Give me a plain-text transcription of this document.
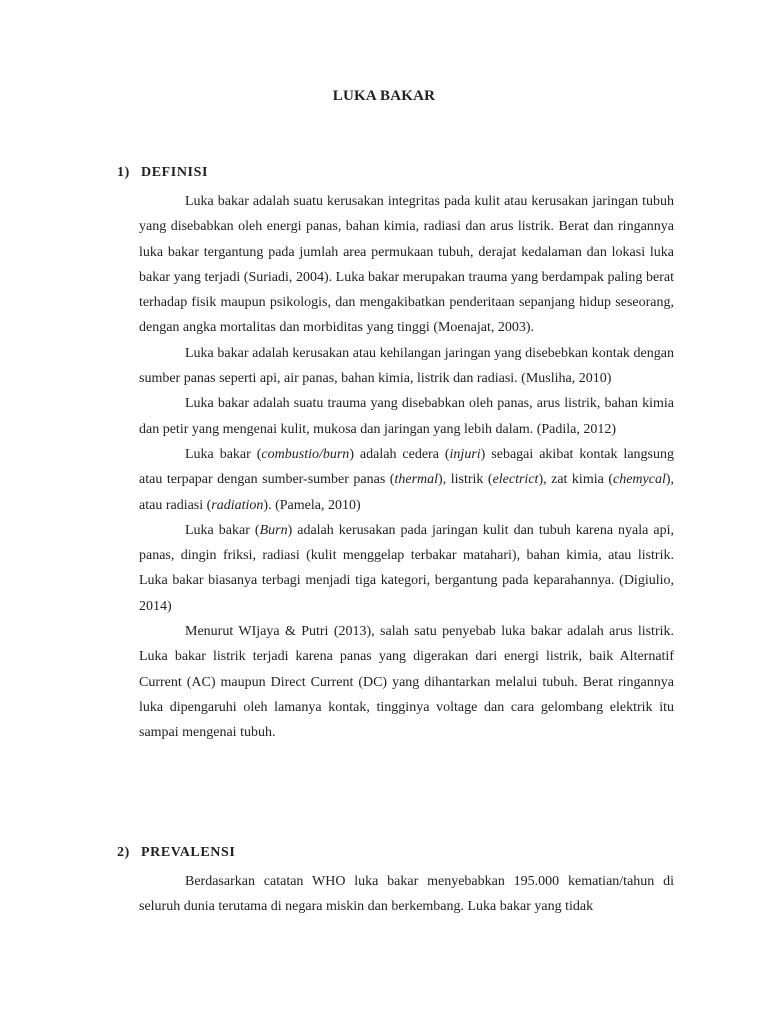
LUKA BAKAR
1) DEFINISI

Luka bakar adalah suatu kerusakan integritas pada kulit atau kerusakan jaringan tubuh yang disebabkan oleh energi panas, bahan kimia, radiasi dan arus listrik. Berat dan ringannya luka bakar tergantung pada jumlah area permukaan tubuh, derajat kedalaman dan lokasi luka bakar yang terjadi (Suriadi, 2004). Luka bakar merupakan trauma yang berdampak paling berat terhadap fisik maupun psikologis, dan mengakibatkan penderitaan sepanjang hidup seseorang, dengan angka mortalitas dan morbiditas yang tinggi (Moenajat, 2003).

Luka bakar adalah kerusakan atau kehilangan jaringan yang disebebkan kontak dengan sumber panas seperti api, air panas, bahan kimia, listrik dan radiasi. (Musliha, 2010)

Luka bakar adalah suatu trauma yang disebabkan oleh panas, arus listrik, bahan kimia dan petir yang mengenai kulit, mukosa dan jaringan yang lebih dalam. (Padila, 2012)

Luka bakar (combustio/burn) adalah cedera (injuri) sebagai akibat kontak langsung atau terpapar dengan sumber-sumber panas (thermal), listrik (electrict), zat kimia (chemycal), atau radiasi (radiation). (Pamela, 2010)

Luka bakar (Burn) adalah kerusakan pada jaringan kulit dan tubuh karena nyala api, panas, dingin friksi, radiasi (kulit menggelap terbakar matahari), bahan kimia, atau listrik. Luka bakar biasanya terbagi menjadi tiga kategori, bergantung pada keparahannya. (Digiulio, 2014)

Menurut WIjaya & Putri (2013), salah satu penyebab luka bakar adalah arus listrik. Luka bakar listrik terjadi karena panas yang digerakan dari energi listrik, baik Alternatif Current (AC) maupun Direct Current (DC) yang dihantarkan melalui tubuh. Berat ringannya luka dipengaruhi oleh lamanya kontak, tingginya voltage dan cara gelombang elektrik itu sampai mengenai tubuh.

2) PREVALENSI

Berdasarkan catatan WHO luka bakar menyebabkan 195.000 kematian/tahun di seluruh dunia terutama di negara miskin dan berkembang. Luka bakar yang tidak
